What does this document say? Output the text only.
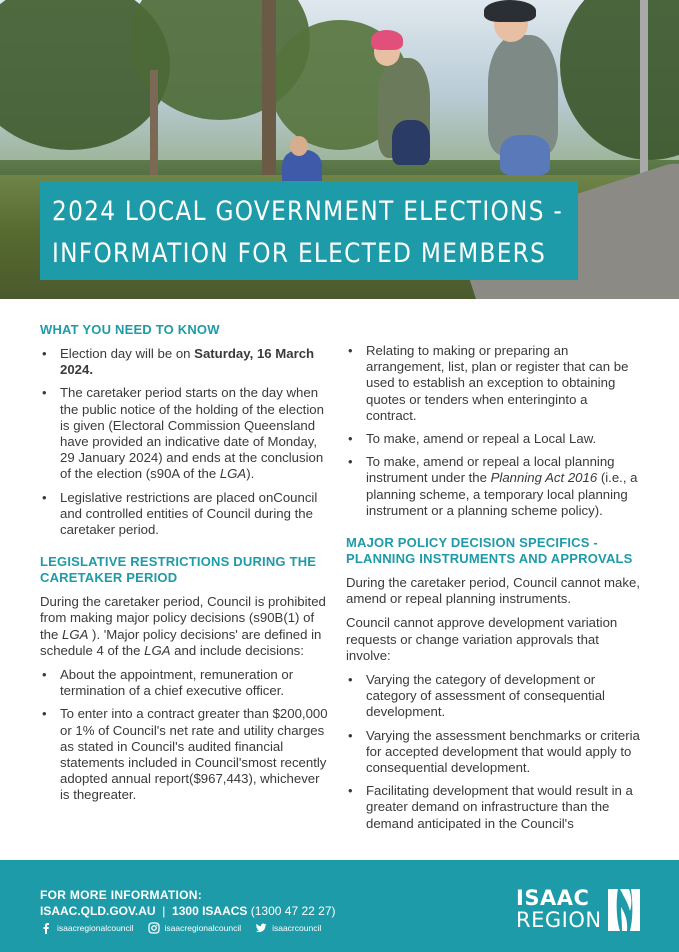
2024 LOCAL GOVERNMENT ELECTIONS -
INFORMATION FOR ELECTED MEMBERS
WHAT YOU NEED TO KNOW
• Election day will be on Saturday, 16 March 2024.
• The caretaker period starts on the day when the public notice of the holding of the election is given (Electoral Commission Queensland have provided an indicative date of Monday, 29 January 2024) and ends at the conclusion of the election (s90A of the LGA).
• Legislative restrictions are placed onCouncil and controlled entities of Council during the caretaker period.
LEGISLATIVE RESTRICTIONS DURING THE CARETAKER PERIOD

During the caretaker period, Council is prohibited from making major policy decisions (s90B(1) of the LGA ). 'Major policy decisions' are defined in schedule 4 of the LGA and include decisions:

• About the appointment, remuneration or termination of a chief executive officer.
• To enter into a contract greater than $200,000 or 1% of Council's net rate and utility charges as stated in Council's audited financial statements included in Council'smost recently adopted annual report($967,443), whichever is thegreater.
• Relating to making or preparing an arrangement, list, plan or register that can be used to establish an exception to obtaining quotes or tenders when enteringinto a contract.
• To make, amend or repeal a Local Law.
• To make, amend or repeal a local planning instrument under the Planning Act 2016 (i.e., a planning scheme, a temporary local planning instrument or a planning scheme policy).
MAJOR POLICY DECISION SPECIFICS - PLANNING INSTRUMENTS AND APPROVALS

During the caretaker period, Council cannot make, amend or repeal planning instruments.

Council cannot approve development variation requests or change variation approvals that involve:

• Varying the category of development or category of assessment of consequential development.
• Varying the assessment benchmarks or criteria for accepted development that would apply to consequential development.
• Facilitating development that would result in a greater demand on infrastructure than the demand anticipated in the Council's
FOR MORE INFORMATION:
ISAAC.QLD.GOV.AU | 1300 ISAACS (1300 47 22 27)
isaacregionalcouncil	isaacregionalcouncil	isaacrcouncil
ISAAC
REGION
